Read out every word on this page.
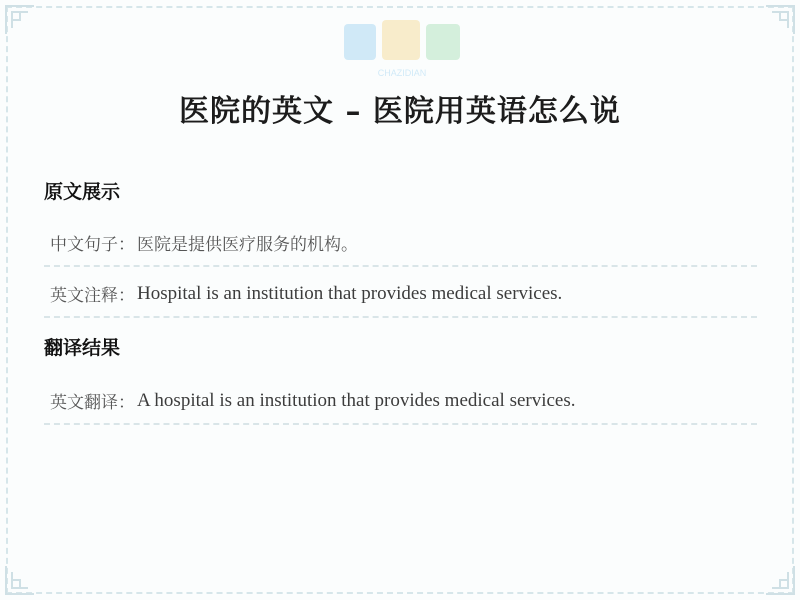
CHAZIDIAN
医院的英文 – 医院用英语怎么说
原文展示
中文句子 ： 医院是提供医疗服务的机构。
英文注释 ： Hospital is an institution that provides medical services.
翻译结果
英文翻译 ： A hospital is an institution that provides medical services.
